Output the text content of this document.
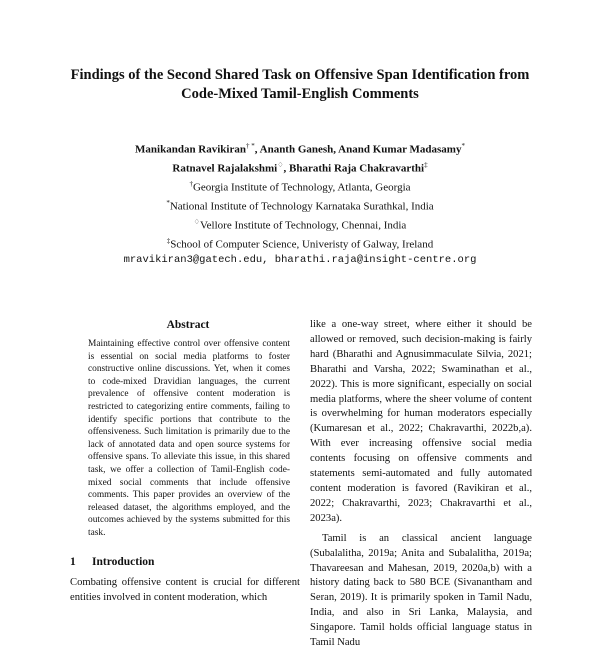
Findings of the Second Shared Task on Offensive Span Identification from
Code-Mixed Tamil-English Comments
Manikandan Ravikiran† *, Ananth Ganesh, Anand Kumar Madasamy*
Ratnavel Rajalakshmi♢, Bharathi Raja Chakravarthi‡
†Georgia Institute of Technology, Atlanta, Georgia
*National Institute of Technology Karnataka Surathkal, India
♢Vellore Institute of Technology, Chennai, India
‡School of Computer Science, Univeristy of Galway, Ireland
mravikiran3@gatech.edu, bharathi.raja@insight-centre.org
Abstract
Maintaining effective control over offensive content is essential on social media platforms to foster constructive online discussions. Yet, when it comes to code-mixed Dravidian languages, the current prevalence of offensive content moderation is restricted to categorizing entire comments, failing to identify specific portions that contribute to the offensiveness. Such limitation is primarily due to the lack of annotated data and open source systems for offensive spans. To alleviate this issue, in this shared task, we offer a collection of Tamil-English code-mixed social comments that include offensive comments. This paper provides an overview of the released dataset, the algorithms employed, and the outcomes achieved by the systems submitted for this task.
1 Introduction
Combating offensive content is crucial for different entities involved in content moderation, which

like a one-way street, where either it should be allowed or removed, such decision-making is fairly hard (Bharathi and Agnusimmaculate Silvia, 2021; Bharathi and Varsha, 2022; Swaminathan et al., 2022). This is more significant, especially on social media platforms, where the sheer volume of content is overwhelming for human moderators especially (Kumaresan et al., 2022; Chakravarthi, 2022b,a). With ever increasing offensive social media contents focusing on offensive comments and statements semi-automated and fully automated content moderation is favored (Ravikiran et al., 2022; Chakravarthi, 2023; Chakravarthi et al., 2023a).

Tamil is an classical ancient language (Subalalitha, 2019a; Anita and Subalalitha, 2019a; Thavareesan and Mahesan, 2019, 2020a,b) with a history dating back to 580 BCE (Sivanantham and Seran, 2019). It is primarily spoken in Tamil Nadu, India, and also in Sri Lanka, Malaysia, and Singapore. Tamil holds official language status in Tamil Nadu
